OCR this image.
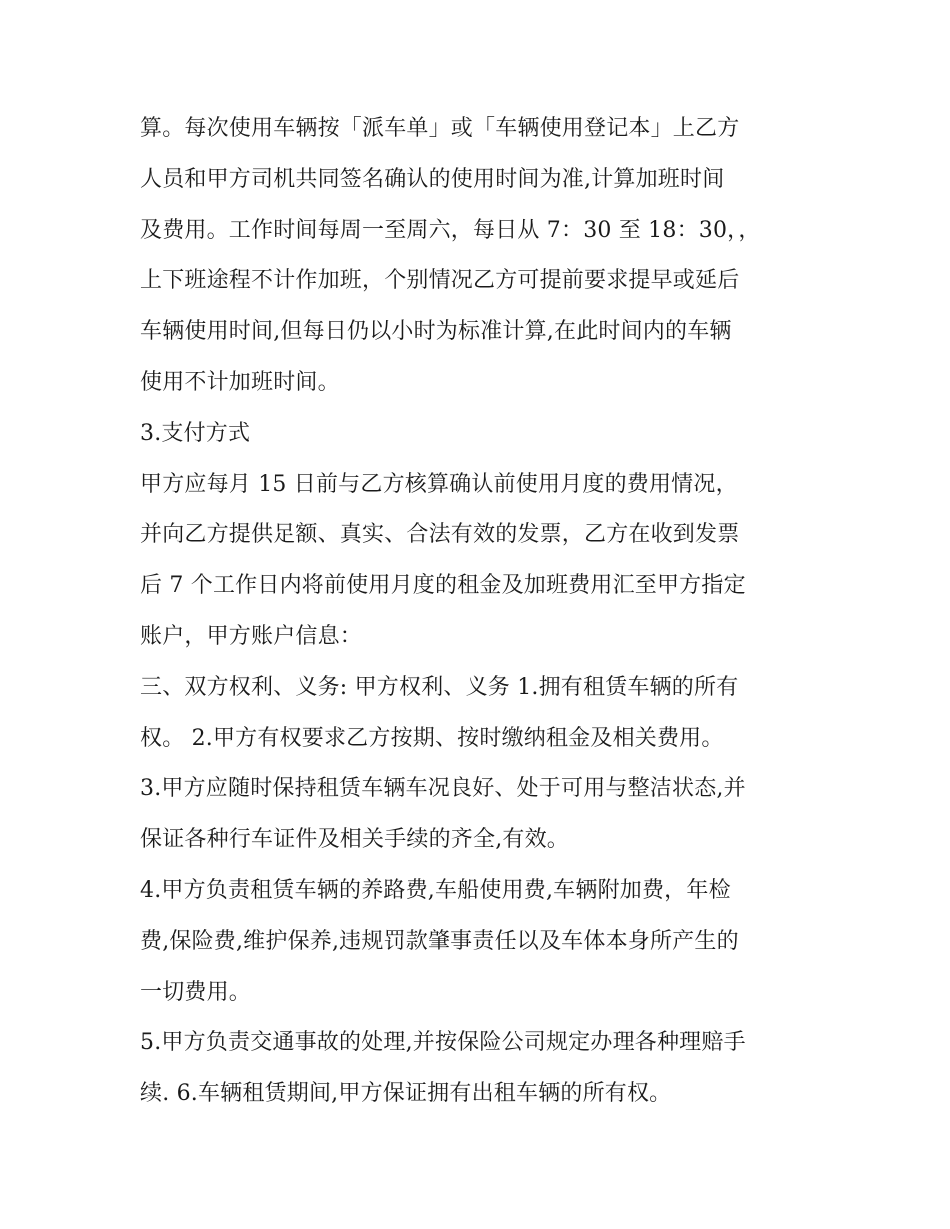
算。每次使用车辆按「派车单」或「车辆使用登记本」上乙方
人员和甲方司机共同签名确认的使用时间为准,计算加班时间
及费用。工作时间每周一至周六，每日从 7：30 至 18：30，，
上下班途程不计作加班，个别情况乙方可提前要求提早或延后
车辆使用时间,但每日仍以小时为标准计算,在此时间内的车辆
使用不计加班时间。
3.支付方式
甲方应每月 15 日前与乙方核算确认前使用月度的费用情况，
并向乙方提供足额、真实、合法有效的发票，乙方在收到发票
后 7 个工作日内将前使用月度的租金及加班费用汇至甲方指定
账户，甲方账户信息：
三、双方权利、义务: 甲方权利、义务 1.拥有租赁车辆的所有
权。 2.甲方有权要求乙方按期、按时缴纳租金及相关费用。
3.甲方应随时保持租赁车辆车况良好、处于可用与整洁状态,并
保证各种行车证件及相关手续的齐全,有效。
4.甲方负责租赁车辆的养路费,车船使用费,车辆附加费，年检
费,保险费,维护保养,违规罚款肇事责任以及车体本身所产生的
一切费用。
5.甲方负责交通事故的处理,并按保险公司规定办理各种理赔手
续. 6.车辆租赁期间,甲方保证拥有出租车辆的所有权。
